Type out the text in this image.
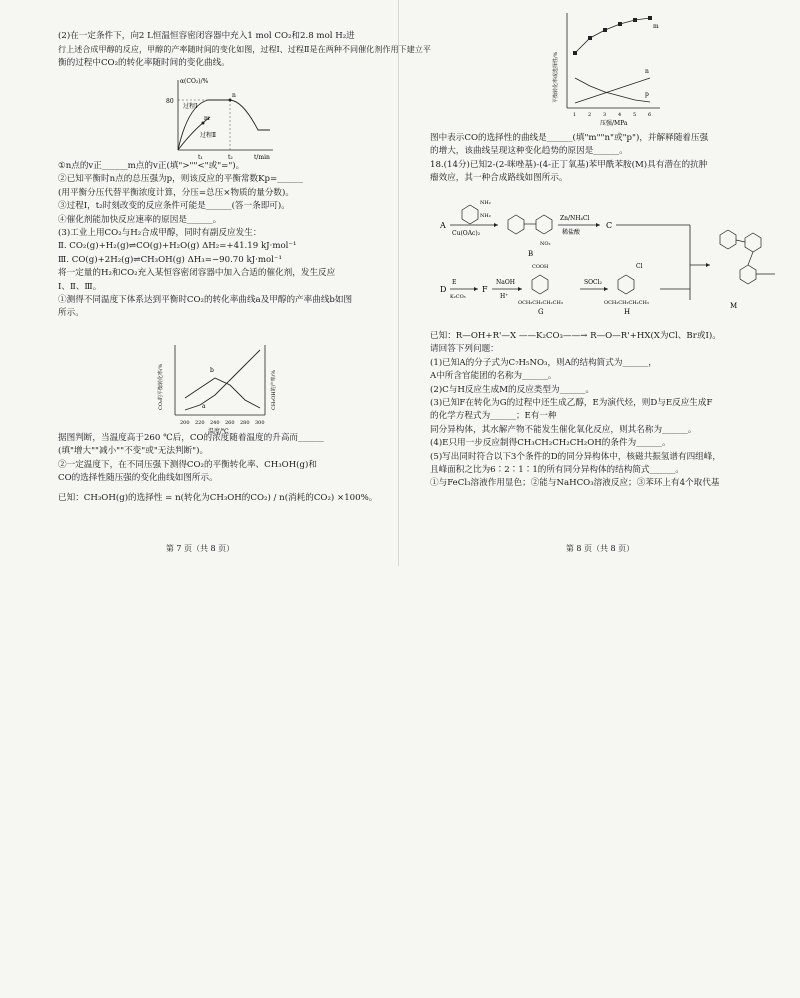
(2)在一定条件下，向2 L恒温恒容密闭容器中充入1 mol CO₂和2.8 mol H₂进
行上述合成甲醇的反应，甲醇的产率随时间的变化如图，过程Ⅰ、过程Ⅱ是在两种不同催化剂作用下建立平
衡的过程中CO₂的转化率随时间的变化曲线。
α(CO₂)/%
80
t/min
t₁	t₂
过程Ⅰ
过程Ⅱ
m
n
①n点的v正______m点的v正(填">""<"或"=")。
②已知平衡时n点的总压强为p，则该反应的平衡常数Kp=______
(用平衡分压代替平衡浓度计算，分压=总压×物质的量分数)。
③过程Ⅰ，t₂时刻改变的反应条件可能是______(答一条即可)。
④催化剂能加快反应速率的原因是______。
(3)工业上用CO₂与H₂合成甲醇，同时有副反应发生：
Ⅱ. CO₂(g)+H₂(g)⇌CO(g)+H₂O(g) ΔH₂=+41.19 kJ·mol⁻¹
Ⅲ. CO(g)+2H₂(g)⇌CH₃OH(g) ΔH₃=−90.70 kJ·mol⁻¹
将一定量的H₂和CO₂充入某恒容密闭容器中加入合适的催化剂，发生反应
Ⅰ、Ⅱ、Ⅲ。
①测得不同温度下体系达到平衡时CO₂的转化率曲线a及甲醇的产率曲线b如图
所示。
b
a
200 220 240 260 280 300
温度/℃
CO₂的平衡转化率/%	CH₃OH的产率/%
据图判断，当温度高于260 ℃后，CO的浓度随着温度的升高而______
(填"增大""减小""不变"或"无法判断")。
②一定温度下，在不同压强下测得CO₂的平衡转化率、CH₃OH(g)和
CO的选择性随压强的变化曲线如图所示。
已知：CH₃OH(g)的选择性 = n(转化为CH₃OH的CO₂) / n(消耗的CO₂) ×100%。
第 7 页（共 8 页）
n
p
m
1 2 3 4 5 6
压强/MPa
平衡转化率或选择性/%
图中表示CO的选择性的曲线是______(填"m""n"或"p")，并解释随着压强
的增大，该曲线呈现这种变化趋势的原因是______。
18.(14分)已知2-(2-咪唑基)-(4-正丁氧基)苯甲酰苯胺(M)具有潜在的抗肿
瘤效应，其一种合成路线如图所示。
A
Cu(OAc)₂
NH₂
NH₂
NO₂
B
Zn/NH₄Cl
稀盐酸
C
M
D
E
K₂CO₃
F
NaOH
H⁺
COOH
OCH₂CH₂CH₂CH₃
G
SOCl₂
Cl
OCH₂CH₂CH₂CH₃
H
已知：R—OH+R'—X ——K₂CO₃——→ R—O—R'+HX(X为Cl、Br或I)。
请回答下列问题：
(1)已知A的分子式为C₇H₅NO₃，则A的结构简式为______，
A中所含官能团的名称为______。
(2)C与H反应生成M的反应类型为______。
(3)已知F在转化为G的过程中还生成乙醇，E为演代烃，则D与E反应生成F
的化学方程式为______；E有一种
同分异构体，其水解产物不能发生催化氧化反应，则其名称为______。
(4)E只用一步反应制得CH₃CH₂CH₂CH₂OH的条件为______。
(5)写出同时符合以下3个条件的D的同分异构体中，核磁共振氢谱有四组峰，
且峰面积之比为6∶2∶1∶1的所有同分异构体的结构简式______。
①与FeCl₃溶液作用显色；②能与NaHCO₃溶液反应；③苯环上有4个取代基
第 8 页（共 8 页）
